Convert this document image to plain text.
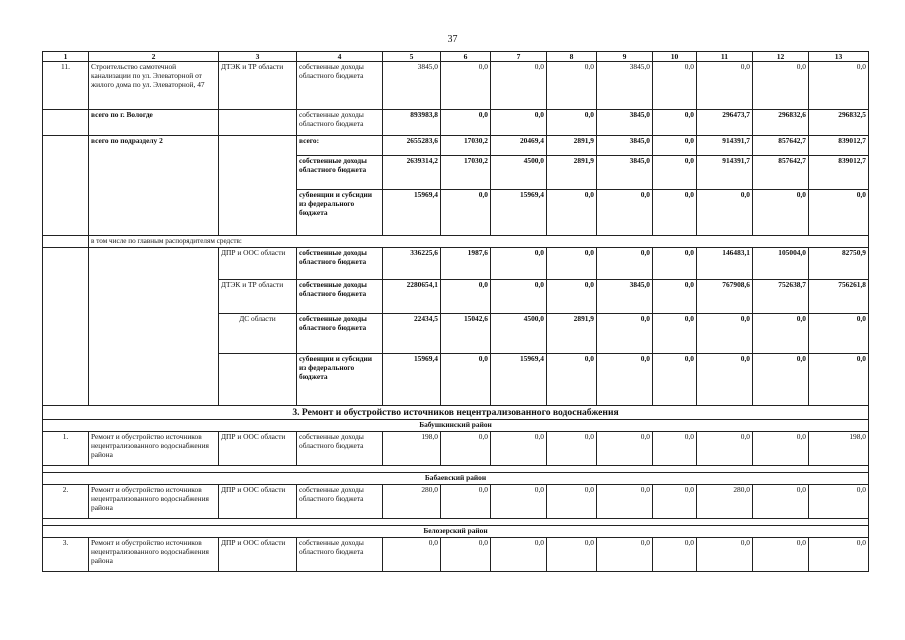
37
1	2	3	4	5	6	7	8	9	10	11	12	13
11.	Строительство самотечной канализации по ул. Элеваторной от жилого дома по ул. Элеваторной, 47	ДТЭК и ТР области	собственные доходы областного бюджета	3845,0	0,0	0,0	0,0	3845,0	0,0	0,0	0,0	0,0
	всего по г. Вологде		собственные доходы областного бюджета	893983,8	0,0	0,0	0,0	3845,0	0,0	296473,7	296832,6	296832,5
	всего по подразделу 2		всего:	2655283,6	17030,2	20469,4	2891,9	3845,0	0,0	914391,7	857642,7	839012,7
			собственные доходы областного бюджета	2639314,2	17030,2	4500,0	2891,9	3845,0	0,0	914391,7	857642,7	839012,7
			субвенции и субсидии из федерального бюджета	15969,4	0,0	15969,4	0,0	0,0	0,0	0,0	0,0	0,0
	в том числе по главным распорядителям средств:											
		ДПР и ООС области	собственные доходы областного бюджета	336225,6	1987,6	0,0	0,0	0,0	0,0	146483,1	105004,0	82750,9
		ДТЭК и ТР области	собственные доходы областного бюджета	2280654,1	0,0	0,0	0,0	3845,0	0,0	767908,6	752638,7	756261,8
		ДС области	собственные доходы областного бюджета	22434,5	15042,6	4500,0	2891,9	0,0	0,0	0,0	0,0	0,0
			субвенции и субсидии из федерального бюджета	15969,4	0,0	15969,4	0,0	0,0	0,0	0,0	0,0	0,0
3. Ремонт и обустройство источников нецентрализованного водоснабжения												
Бабушкинский район												
1.	Ремонт и обустройство источников нецентрализованного водоснабжения района	ДПР и ООС области	собственные доходы областного бюджета	198,0	0,0	0,0	0,0	0,0	0,0	0,0	0,0	198,0

Бабаевский район												
2.	Ремонт и обустройство источников нецентрализованного водоснабжения района	ДПР и ООС области	собственные доходы областного бюджета	280,0	0,0	0,0	0,0	0,0	0,0	280,0	0,0	0,0

Белозерский район												
3.	Ремонт и обустройство источников нецентрализованного водоснабжения района	ДПР и ООС области	собственные доходы областного бюджета	0,0	0,0	0,0	0,0	0,0	0,0	0,0	0,0	0,0
